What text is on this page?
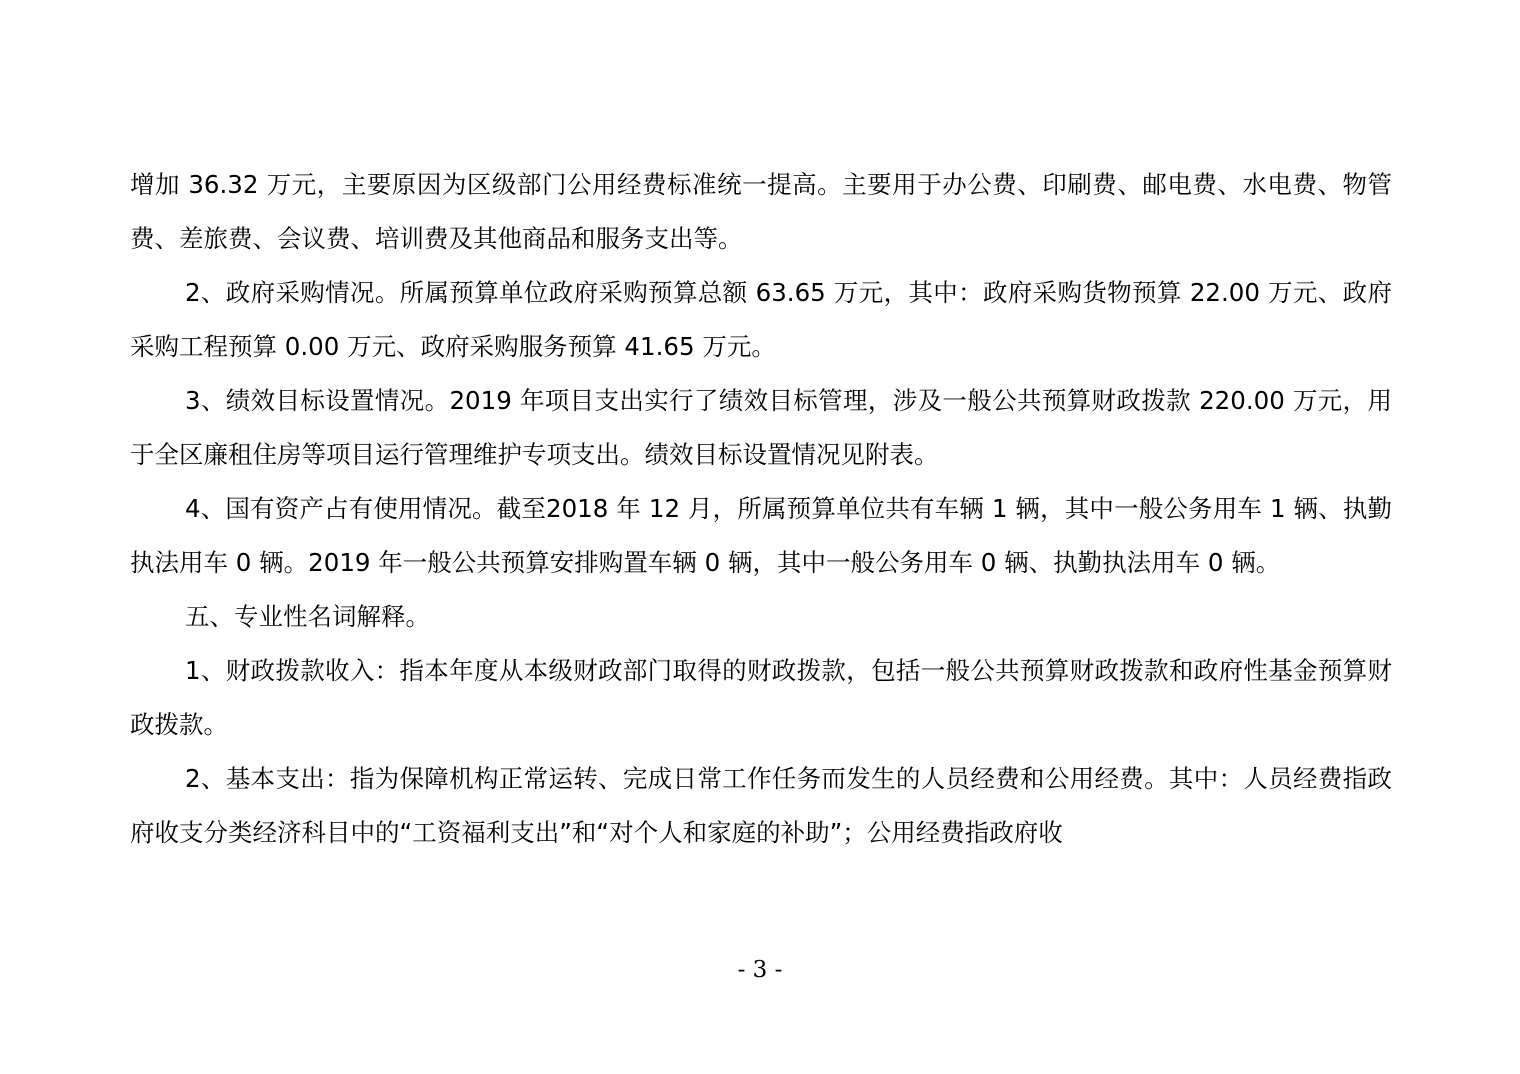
增加 36.32 万元，主要原因为区级部门公用经费标准统一提高。主要用于办公费、印刷费、邮电费、水电费、物管费、差旅费、会议费、培训费及其他商品和服务支出等。

2、政府采购情况。所属预算单位政府采购预算总额 63.65 万元，其中：政府采购货物预算 22.00 万元、政府采购工程预算 0.00 万元、政府采购服务预算 41.65 万元。

3、绩效目标设置情况。2019 年项目支出实行了绩效目标管理，涉及一般公共预算财政拨款 220.00 万元，用于全区廉租住房等项目运行管理维护专项支出。绩效目标设置情况见附表。

4、国有资产占有使用情况。截至2018 年 12 月，所属预算单位共有车辆 1 辆，其中一般公务用车 1 辆、执勤执法用车 0 辆。2019 年一般公共预算安排购置车辆 0 辆，其中一般公务用车 0 辆、执勤执法用车 0 辆。

五、专业性名词解释。

1、财政拨款收入：指本年度从本级财政部门取得的财政拨款，包括一般公共预算财政拨款和政府性基金预算财政拨款。

2、基本支出：指为保障机构正常运转、完成日常工作任务而发生的人员经费和公用经费。其中：人员经费指政府收支分类经济科目中的“工资福利支出”和“对个人和家庭的补助”；公用经费指政府收

- 3 -
